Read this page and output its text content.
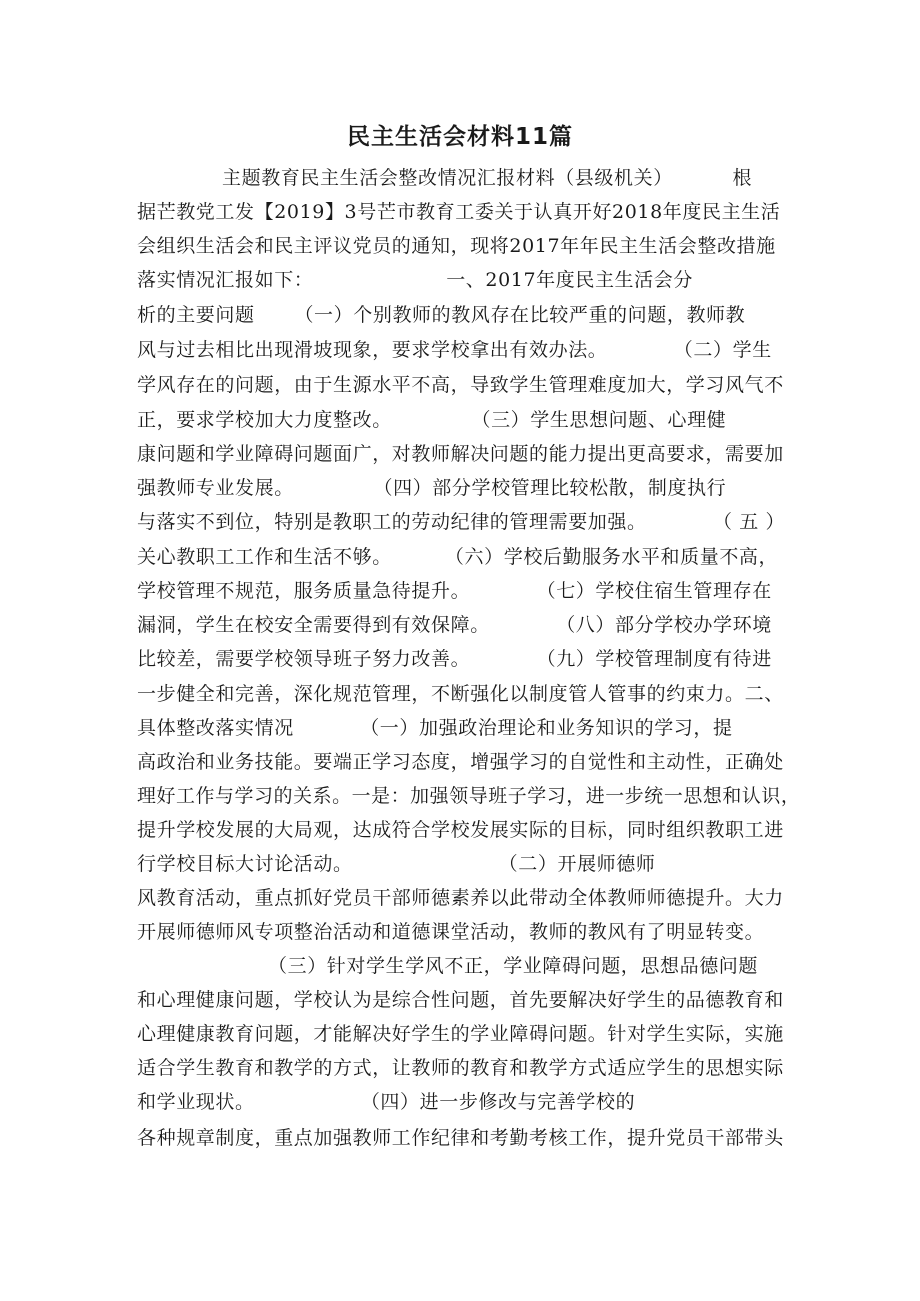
民主生活会材料11篇
主题教育民主生活会整改情况汇报材料（县级机关）         根
据芒教党工发【2019】3号芒市教育工委关于认真开好2018年度民主生活
会组织生活会和民主评议党员的通知，现将2017年年民主生活会整改措施
落实情况汇报如下：                    一、2017年度民主生活会分
析的主要问题      （一）个别教师的教风存在比较严重的问题，教师教
风与过去相比出现滑坡现象，要求学校拿出有效办法。          （二）学生
学风存在的问题，由于生源水平不高，导致学生管理难度加大，学习风气不
正，要求学校加大力度整改。            （三）学生思想问题、心理健
康问题和学业障碍问题面广，对教师解决问题的能力提出更高要求，需要加
强教师专业发展。            （四）部分学校管理比较松散，制度执行
与落实不到位，特别是教职工的劳动纪律的管理需要加强。          （ 五 ）
关心教职工工作和生活不够。        （六）学校后勤服务水平和质量不高，
学校管理不规范，服务质量急待提升。          （七）学校住宿生管理存在
漏洞，学生在校安全需要得到有效保障。          （八）部分学校办学环境
比较差，需要学校领导班子努力改善。          （九）学校管理制度有待进
一步健全和完善，深化规范管理，不断强化以制度管人管事的约束力。二、
具体整改落实情况          （一）加强政治理论和业务知识的学习，提
高政治和业务技能。要端正学习态度，增强学习的自觉性和主动性，正确处
理好工作与学习的关系。一是：加强领导班子学习，进一步统一思想和认识，
提升学校发展的大局观，达成符合学校发展实际的目标，同时组织教职工进
行学校目标大讨论活动。                      （二）开展师德师
风教育活动，重点抓好党员干部师德素养以此带动全体教师师德提升。大力
开展师德师风专项整治活动和道德课堂活动，教师的教风有了明显转变。
（三）针对学生学风不正，学业障碍问题，思想品德问题
和心理健康问题，学校认为是综合性问题，首先要解决好学生的品德教育和
心理健康教育问题，才能解决好学生的学业障碍问题。针对学生实际，实施
适合学生教育和教学的方式，让教师的教育和教学方式适应学生的思想实际
和学业现状。                （四）进一步修改与完善学校的
各种规章制度，重点加强教师工作纪律和考勤考核工作，提升党员干部带头
